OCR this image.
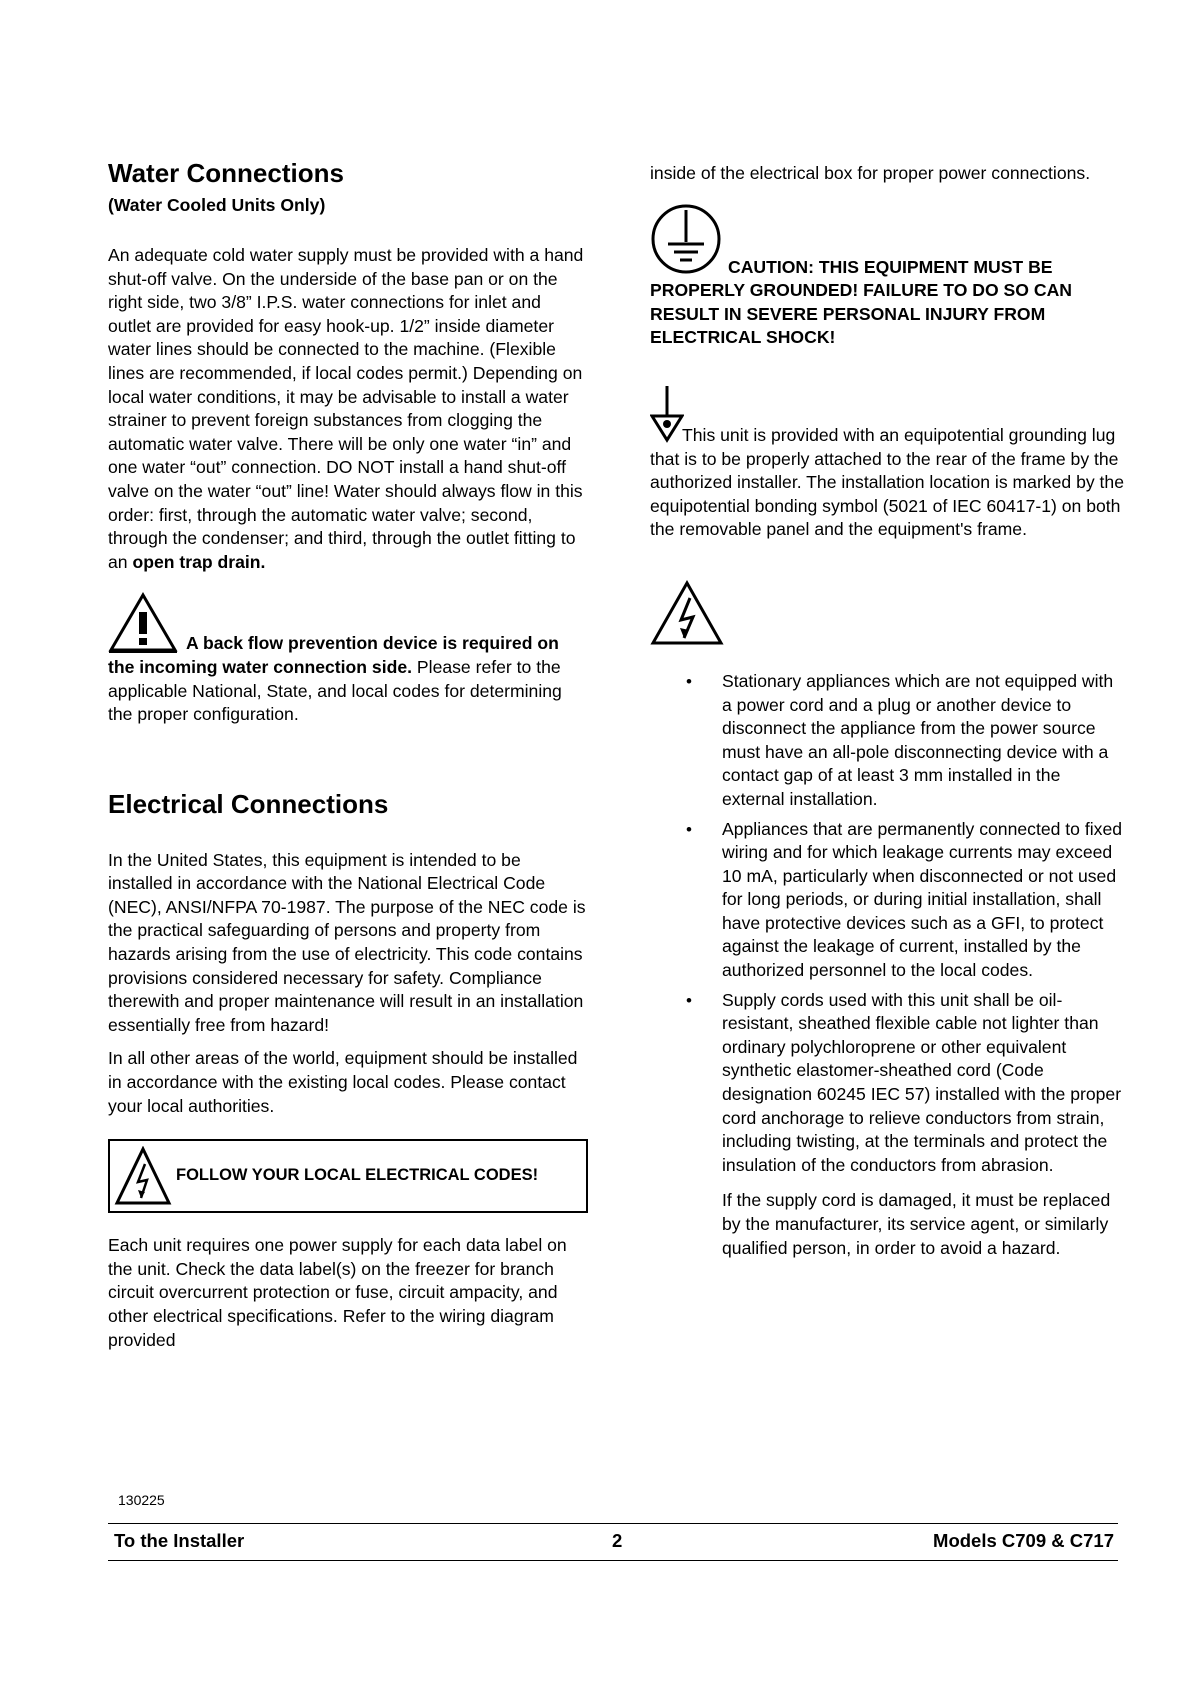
Water Connections
(Water Cooled Units Only)

An adequate cold water supply must be provided with a hand shut-off valve. On the underside of the base pan or on the right side, two 3/8” I.P.S. water connections for inlet and outlet are provided for easy hook-up. 1/2” inside diameter water lines should be connected to the machine. (Flexible lines are recommended, if local codes permit.) Depending on local water conditions, it may be advisable to install a water strainer to prevent foreign substances from clogging the automatic water valve. There will be only one water “in” and one water “out” connection. DO NOT install a hand shut-off valve on the water “out” line! Water should always flow in this order: first, through the automatic water valve; second, through the condenser; and third, through the outlet fitting to an open trap drain.

A back flow prevention device is required on the incoming water connection side. Please refer to the applicable National, State, and local codes for determining the proper configuration.

Electrical Connections

In the United States, this equipment is intended to be installed in accordance with the National Electrical Code (NEC), ANSI/NFPA 70-1987. The purpose of the NEC code is the practical safeguarding of persons and property from hazards arising from the use of electricity. This code contains provisions considered necessary for safety. Compliance therewith and proper maintenance will result in an installation essentially free from hazard!

In all other areas of the world, equipment should be installed in accordance with the existing local codes. Please contact your local authorities.

FOLLOW YOUR LOCAL ELECTRICAL CODES!

Each unit requires one power supply for each data label on the unit. Check the data label(s) on the freezer for branch circuit overcurrent protection or fuse, circuit ampacity, and other electrical specifications. Refer to the wiring diagram provided

inside of the electrical box for proper power connections.

CAUTION: THIS EQUIPMENT MUST BE PROPERLY GROUNDED! FAILURE TO DO SO CAN RESULT IN SEVERE PERSONAL INJURY FROM ELECTRICAL SHOCK!

This unit is provided with an equipotential grounding lug that is to be properly attached to the rear of the frame by the authorized installer. The installation location is marked by the equipotential bonding symbol (5021 of IEC 60417-1) on both the removable panel and the equipment's frame.

• Stationary appliances which are not equipped with a power cord and a plug or another device to disconnect the appliance from the power source must have an all-pole disconnecting device with a contact gap of at least 3 mm installed in the external installation.
• Appliances that are permanently connected to fixed wiring and for which leakage currents may exceed 10 mA, particularly when disconnected or not used for long periods, or during initial installation, shall have protective devices such as a GFI, to protect against the leakage of current, installed by the authorized personnel to the local codes.
• Supply cords used with this unit shall be oil-resistant, sheathed flexible cable not lighter than ordinary polychloroprene or other equivalent synthetic elastomer-sheathed cord (Code designation 60245 IEC 57) installed with the proper cord anchorage to relieve conductors from strain, including twisting, at the terminals and protect the insulation of the conductors from abrasion.

If the supply cord is damaged, it must be replaced by the manufacturer, its service agent, or similarly qualified person, in order to avoid a hazard.

130225
To the Installer	2	Models C709 & C717
